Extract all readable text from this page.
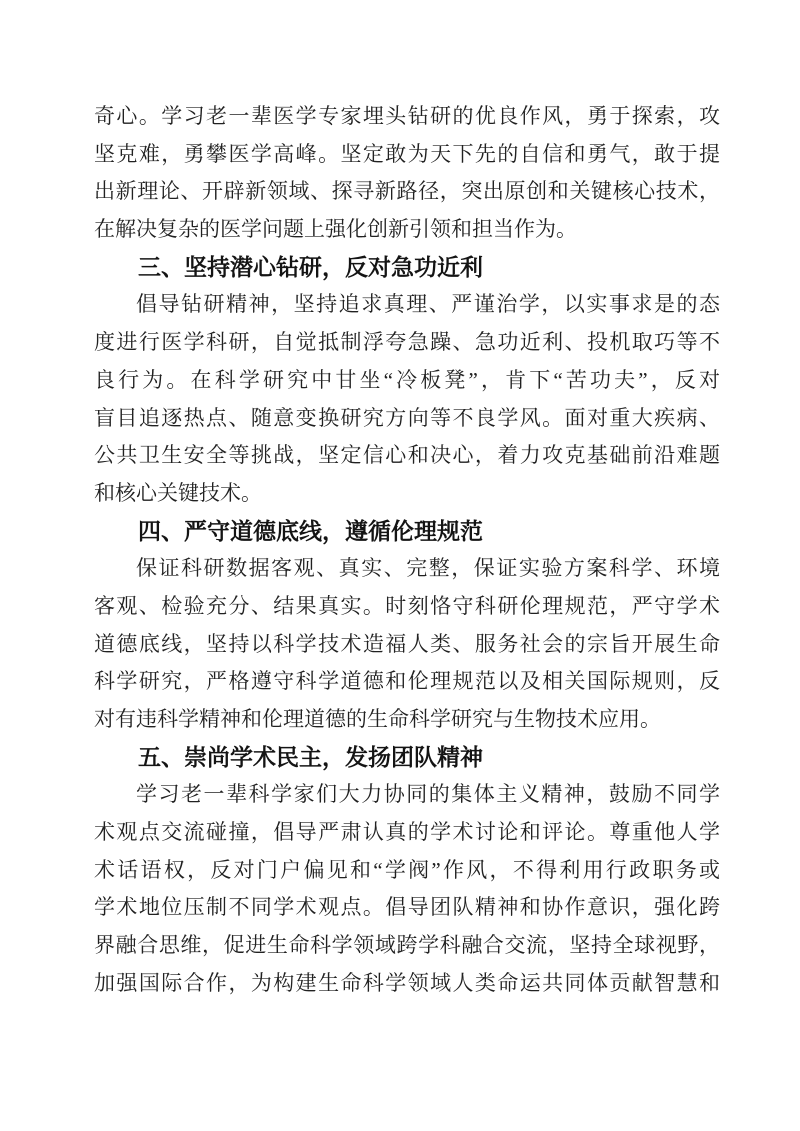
奇心。学习老一辈医学专家埋头钻研的优良作风，勇于探索，攻
坚克难，勇攀医学高峰。坚定敢为天下先的自信和勇气，敢于提
出新理论、开辟新领域、探寻新路径，突出原创和关键核心技术，
在解决复杂的医学问题上强化创新引领和担当作为。
三、坚持潜心钻研，反对急功近利
倡导钻研精神，坚持追求真理、严谨治学，以实事求是的态
度进行医学科研，自觉抵制浮夸急躁、急功近利、投机取巧等不
良行为。在科学研究中甘坐“冷板凳”，肯下“苦功夫”，反对
盲目追逐热点、随意变换研究方向等不良学风。面对重大疾病、
公共卫生安全等挑战，坚定信心和决心，着力攻克基础前沿难题
和核心关键技术。
四、严守道德底线，遵循伦理规范
保证科研数据客观、真实、完整，保证实验方案科学、环境
客观、检验充分、结果真实。时刻恪守科研伦理规范，严守学术
道德底线，坚持以科学技术造福人类、服务社会的宗旨开展生命
科学研究，严格遵守科学道德和伦理规范以及相关国际规则，反
对有违科学精神和伦理道德的生命科学研究与生物技术应用。
五、崇尚学术民主，发扬团队精神
学习老一辈科学家们大力协同的集体主义精神，鼓励不同学
术观点交流碰撞，倡导严肃认真的学术讨论和评论。尊重他人学
术话语权，反对门户偏见和“学阀”作风，不得利用行政职务或
学术地位压制不同学术观点。倡导团队精神和协作意识，强化跨
界融合思维，促进生命科学领域跨学科融合交流，坚持全球视野，
加强国际合作，为构建生命科学领域人类命运共同体贡献智慧和
